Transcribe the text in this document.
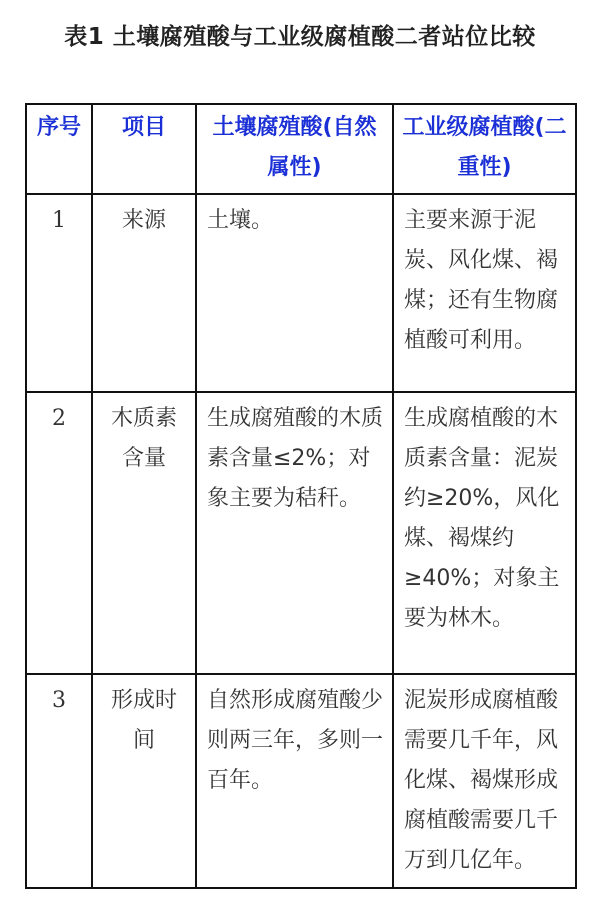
表1 土壤腐殖酸与工业级腐植酸二者站位比较
序号	项目	土壤腐殖酸(自然属性)	工业级腐植酸(二重性)
1	来源	土壤。	主要来源于泥炭、风化煤、褐煤；还有生物腐植酸可利用。
2	木质素含量	生成腐殖酸的木质素含量≤2%；对象主要为秸秆。	生成腐植酸的木质素含量：泥炭约≥20%，风化煤、褐煤约≥40%；对象主要为林木。
3	形成时间	自然形成腐殖酸少则两三年，多则一百年。	泥炭形成腐植酸需要几千年，风化煤、褐煤形成腐植酸需要几千万到几亿年。
